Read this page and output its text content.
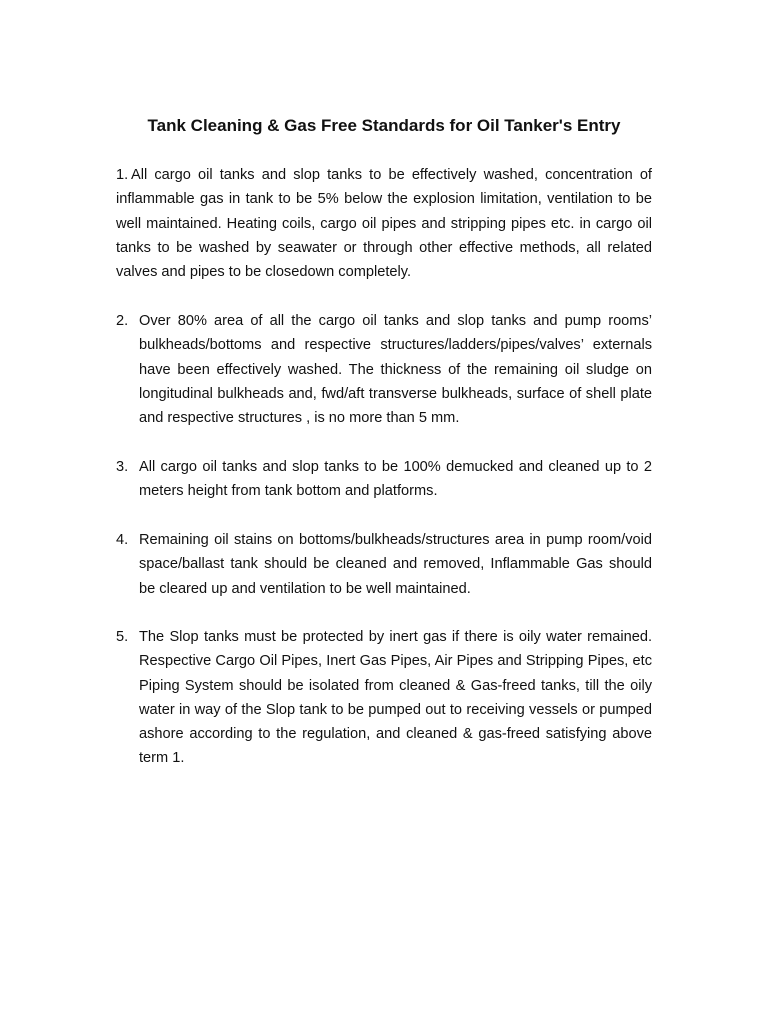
Tank Cleaning & Gas Free Standards for Oil Tanker's Entry
1. All cargo oil tanks and slop tanks to be effectively washed, concentration of inflammable gas in tank to be 5% below the explosion limitation, ventilation to be well maintained. Heating coils, cargo oil pipes and stripping pipes etc. in cargo oil tanks to be washed by seawater or through other effective methods, all related valves and pipes to be closedown completely.
2. Over 80% area of all the cargo oil tanks and slop tanks and pump rooms’ bulkheads/bottoms and respective structures/ladders/pipes/valves’ externals have been effectively washed. The thickness of the remaining oil sludge on longitudinal bulkheads and, fwd/aft transverse bulkheads, surface of shell plate and respective structures , is no more than 5 mm.
3. All cargo oil tanks and slop tanks to be 100% demucked and cleaned up to 2 meters height from tank bottom and platforms.
4. Remaining oil stains on bottoms/bulkheads/structures area in pump room/void space/ballast tank should be cleaned and removed, Inflammable Gas should be cleared up and ventilation to be well maintained.
5. The Slop tanks must be protected by inert gas if there is oily water remained. Respective Cargo Oil Pipes, Inert Gas Pipes, Air Pipes and Stripping Pipes, etc Piping System should be isolated from cleaned & Gas-freed tanks, till the oily water in way of the Slop tank to be pumped out to receiving vessels or pumped ashore according to the regulation, and cleaned & gas-freed satisfying above term 1.
